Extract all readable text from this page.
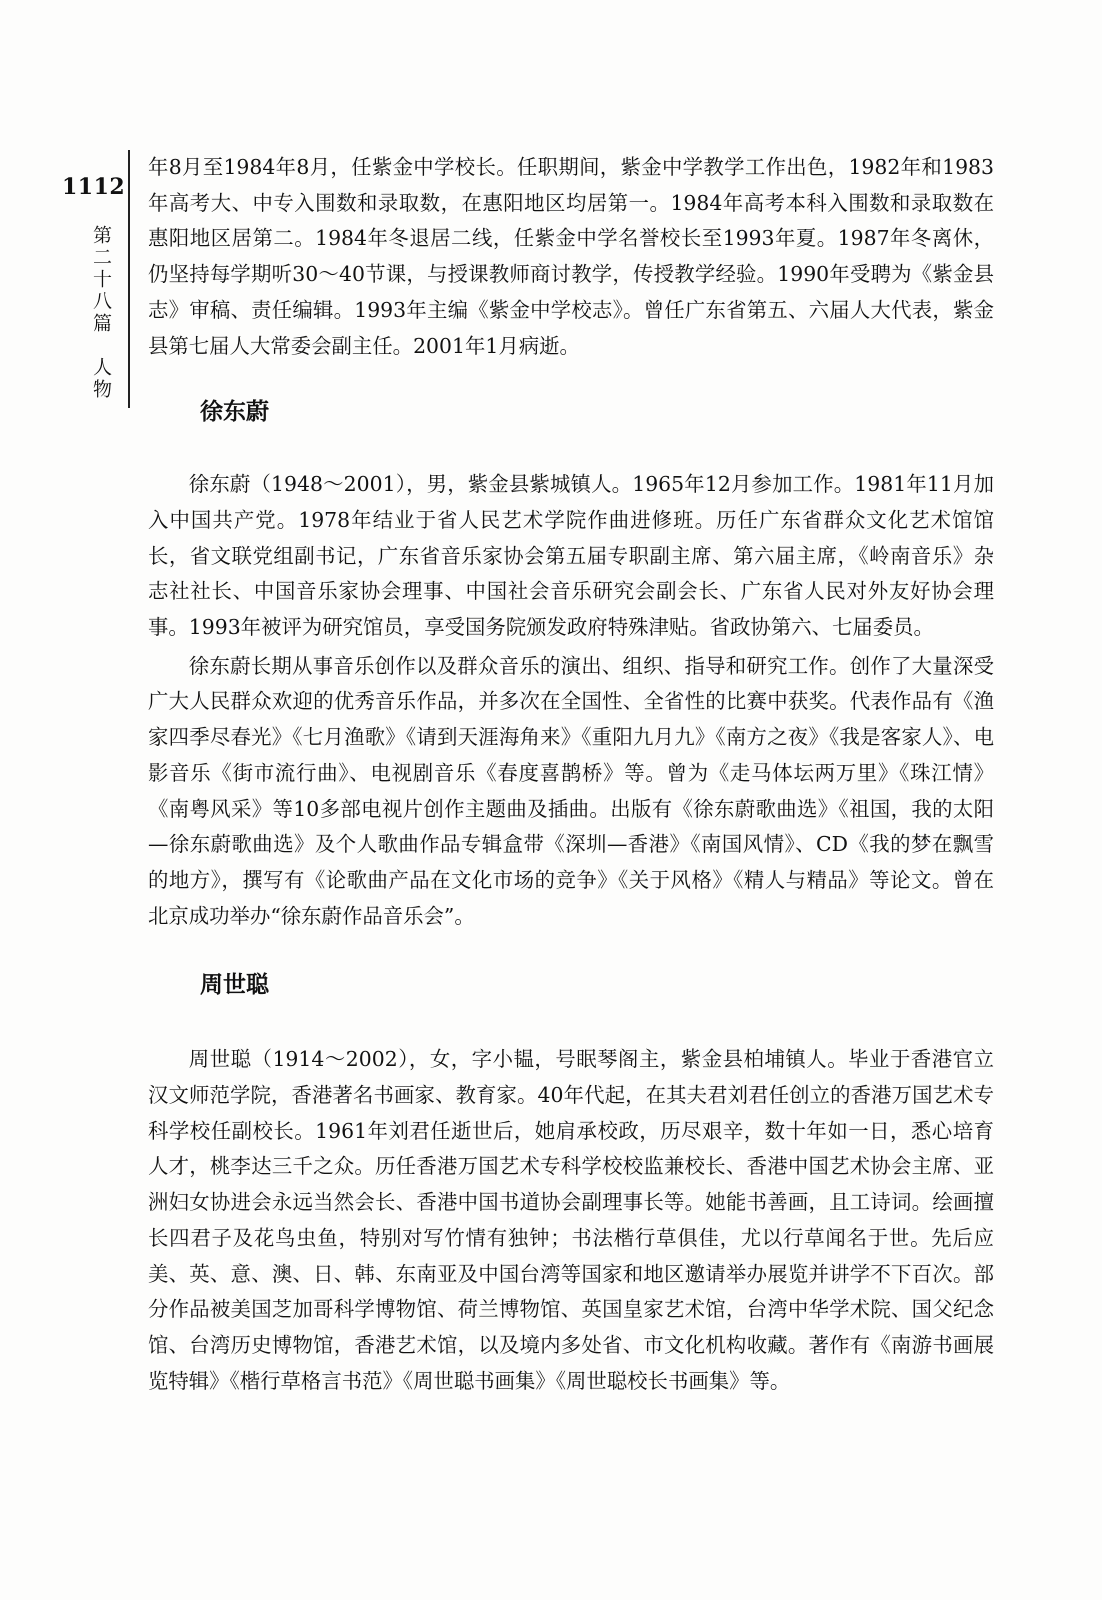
1112
第二十八篇　人物

年8月至1984年8月，任紫金中学校长。任职期间，紫金中学教学工作出色，1982年和1983年高考大、中专入围数和录取数，在惠阳地区均居第一。1984年高考本科入围数和录取数在惠阳地区居第二。1984年冬退居二线，任紫金中学名誉校长至1993年夏。1987年冬离休，仍坚持每学期听30～40节课，与授课教师商讨教学，传授教学经验。1990年受聘为《紫金县志》审稿、责任编辑。1993年主编《紫金中学校志》。曾任广东省第五、六届人大代表，紫金县第七届人大常委会副主任。2001年1月病逝。

徐东蔚

徐东蔚（1948～2001），男，紫金县紫城镇人。1965年12月参加工作。1981年11月加入中国共产党。1978年结业于省人民艺术学院作曲进修班。历任广东省群众文化艺术馆馆长，省文联党组副书记，广东省音乐家协会第五届专职副主席、第六届主席，《岭南音乐》杂志社社长、中国音乐家协会理事、中国社会音乐研究会副会长、广东省人民对外友好协会理事。1993年被评为研究馆员，享受国务院颁发政府特殊津贴。省政协第六、七届委员。

徐东蔚长期从事音乐创作以及群众音乐的演出、组织、指导和研究工作。创作了大量深受广大人民群众欢迎的优秀音乐作品，并多次在全国性、全省性的比赛中获奖。代表作品有《渔家四季尽春光》《七月渔歌》《请到天涯海角来》《重阳九月九》《南方之夜》《我是客家人》、电影音乐《街市流行曲》、电视剧音乐《春度喜鹊桥》等。曾为《走马体坛两万里》《珠江情》《南粤风采》等10多部电视片创作主题曲及插曲。出版有《徐东蔚歌曲选》《祖国，我的太阳—徐东蔚歌曲选》及个人歌曲作品专辑盒带《深圳—香港》《南国风情》、CD《我的梦在飘雪的地方》，撰写有《论歌曲产品在文化市场的竞争》《关于风格》《精人与精品》等论文。曾在北京成功举办“徐东蔚作品音乐会”。

周世聪

周世聪（1914～2002），女，字小韫，号眠琴阁主，紫金县柏埔镇人。毕业于香港官立汉文师范学院，香港著名书画家、教育家。40年代起，在其夫君刘君任创立的香港万国艺术专科学校任副校长。1961年刘君任逝世后，她肩承校政，历尽艰辛，数十年如一日，悉心培育人才，桃李达三千之众。历任香港万国艺术专科学校校监兼校长、香港中国艺术协会主席、亚洲妇女协进会永远当然会长、香港中国书道协会副理事长等。她能书善画，且工诗词。绘画擅长四君子及花鸟虫鱼，特别对写竹情有独钟；书法楷行草俱佳，尤以行草闻名于世。先后应美、英、意、澳、日、韩、东南亚及中国台湾等国家和地区邀请举办展览并讲学不下百次。部分作品被美国芝加哥科学博物馆、荷兰博物馆、英国皇家艺术馆，台湾中华学术院、国父纪念馆、台湾历史博物馆，香港艺术馆，以及境内多处省、市文化机构收藏。著作有《南游书画展览特辑》《楷行草格言书范》《周世聪书画集》《周世聪校长书画集》等。
